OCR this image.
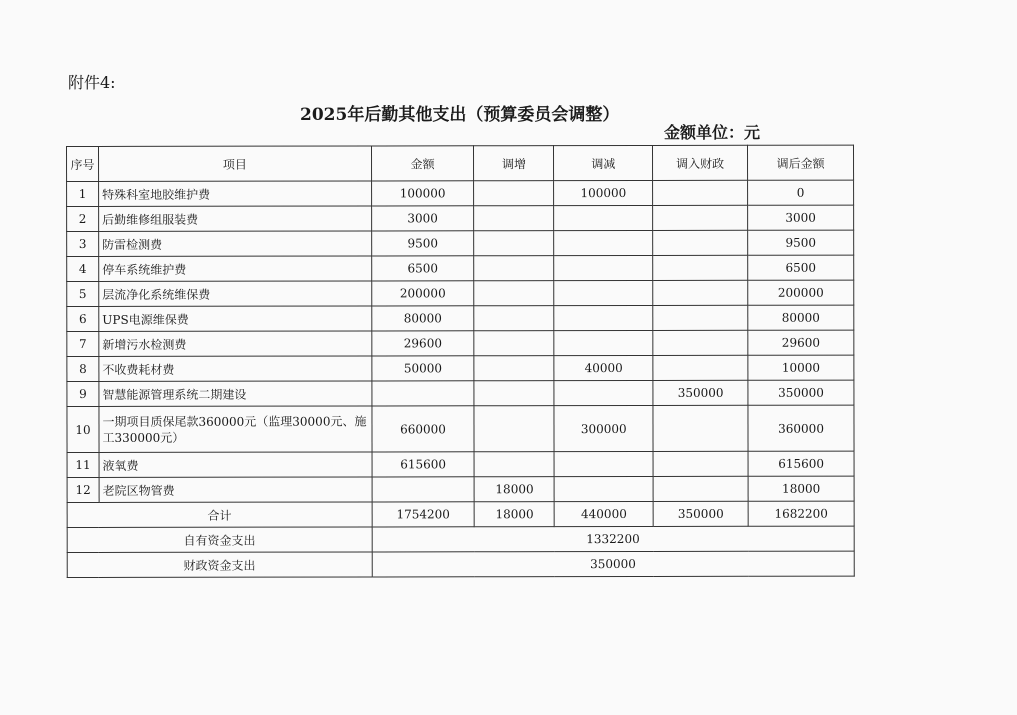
附件4:
2025年后勤其他支出（预算委员会调整）
金额单位：元
序号	项目	金额	调增	调减	调入财政	调后金额
1	特殊科室地胶维护费	100000		100000		0
2	后勤维修组服装费	3000				3000
3	防雷检测费	9500				9500
4	停车系统维护费	6500				6500
5	层流净化系统维保费	200000				200000
6	UPS电源维保费	80000				80000
7	新增污水检测费	29600				29600
8	不收费耗材费	50000		40000		10000
9	智慧能源管理系统二期建设				350000	350000
10	一期项目质保尾款360000元（监理30000元、施工330000元）	660000		300000		360000
11	液氧费	615600				615600
12	老院区物管费		18000			18000
合计		1754200	18000	440000	350000	1682200
自有资金支出		1332200				
财政资金支出		350000				
